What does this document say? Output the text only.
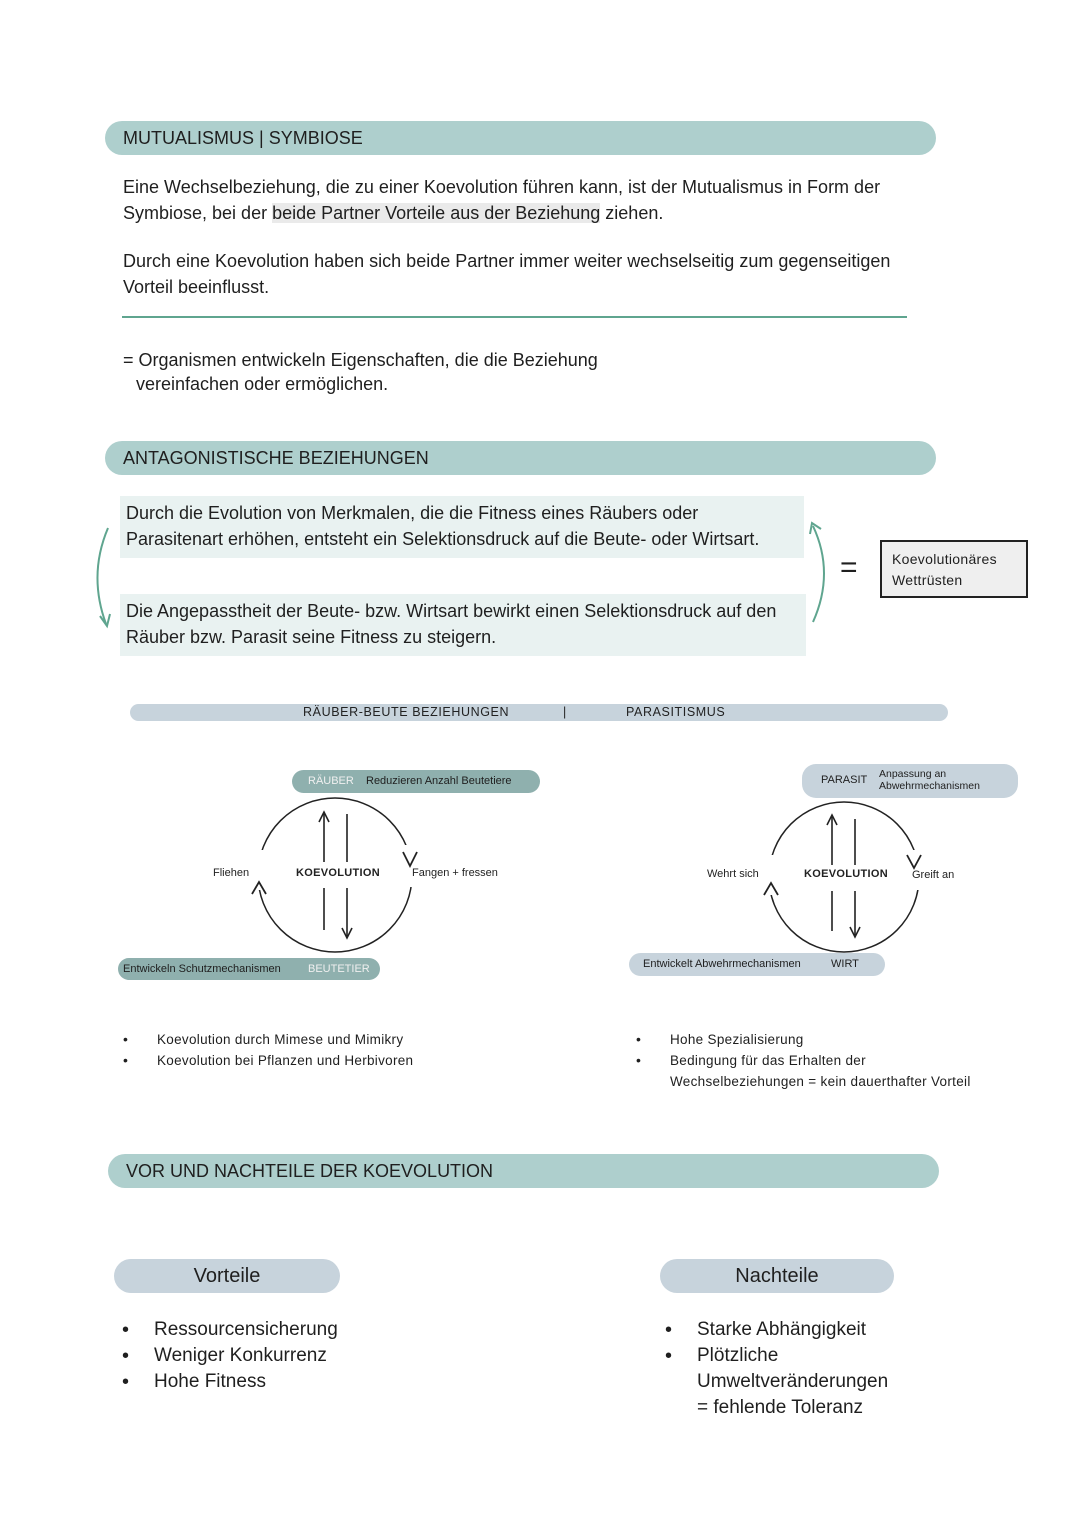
MUTUALISMUS | SYMBIOSE
Eine Wechselbeziehung, die zu einer Koevolution führen kann, ist der Mutualismus in Form der
Symbiose, bei der beide Partner Vorteile aus der Beziehung ziehen.
Durch eine Koevolution haben sich beide Partner immer weiter wechselseitig zum gegenseitigen
Vorteil beeinflusst.
= Organismen entwickeln Eigenschaften, die die Beziehung
vereinfachen oder ermöglichen.
ANTAGONISTISCHE BEZIEHUNGEN
Durch die Evolution von Merkmalen, die die Fitness eines Räubers oder
Parasitenart erhöhen, entsteht ein Selektionsdruck auf die Beute- oder Wirtsart.
Die Angepasstheit der Beute- bzw. Wirtsart bewirkt einen Selektionsdruck auf den
Räuber bzw. Parasit seine Fitness zu steigern.
= Koevolutionäres
Wettrüsten
RÄUBER-BEUTE BEZIEHUNGEN	|	PARASITISMUS
RÄUBER Reduzieren Anzahl Beutetiere
Fliehen	KOEVOLUTION	Fangen + fressen
Entwickeln Schutzmechanismen BEUTETIER
PARASIT Anpassung an
Abwehrmechanismen
Wehrt sich	KOEVOLUTION Greift an
Entwickelt Abwehrmechanismen	WIRT
• Koevolution durch Mimese und Mimikry
• Koevolution bei Pflanzen und Herbivoren
• Hohe Spezialisierung
• Bedingung für das Erhalten der
Wechselbeziehungen = kein dauerthafter Vorteil
VOR UND NACHTEILE DER KOEVOLUTION
Vorteile	Nachteile
• Ressourcensicherung
• Weniger Konkurrenz
• Hohe Fitness
• Starke Abhängigkeit
• Plötzliche
Umweltveränderungen
= fehlende Toleranz
